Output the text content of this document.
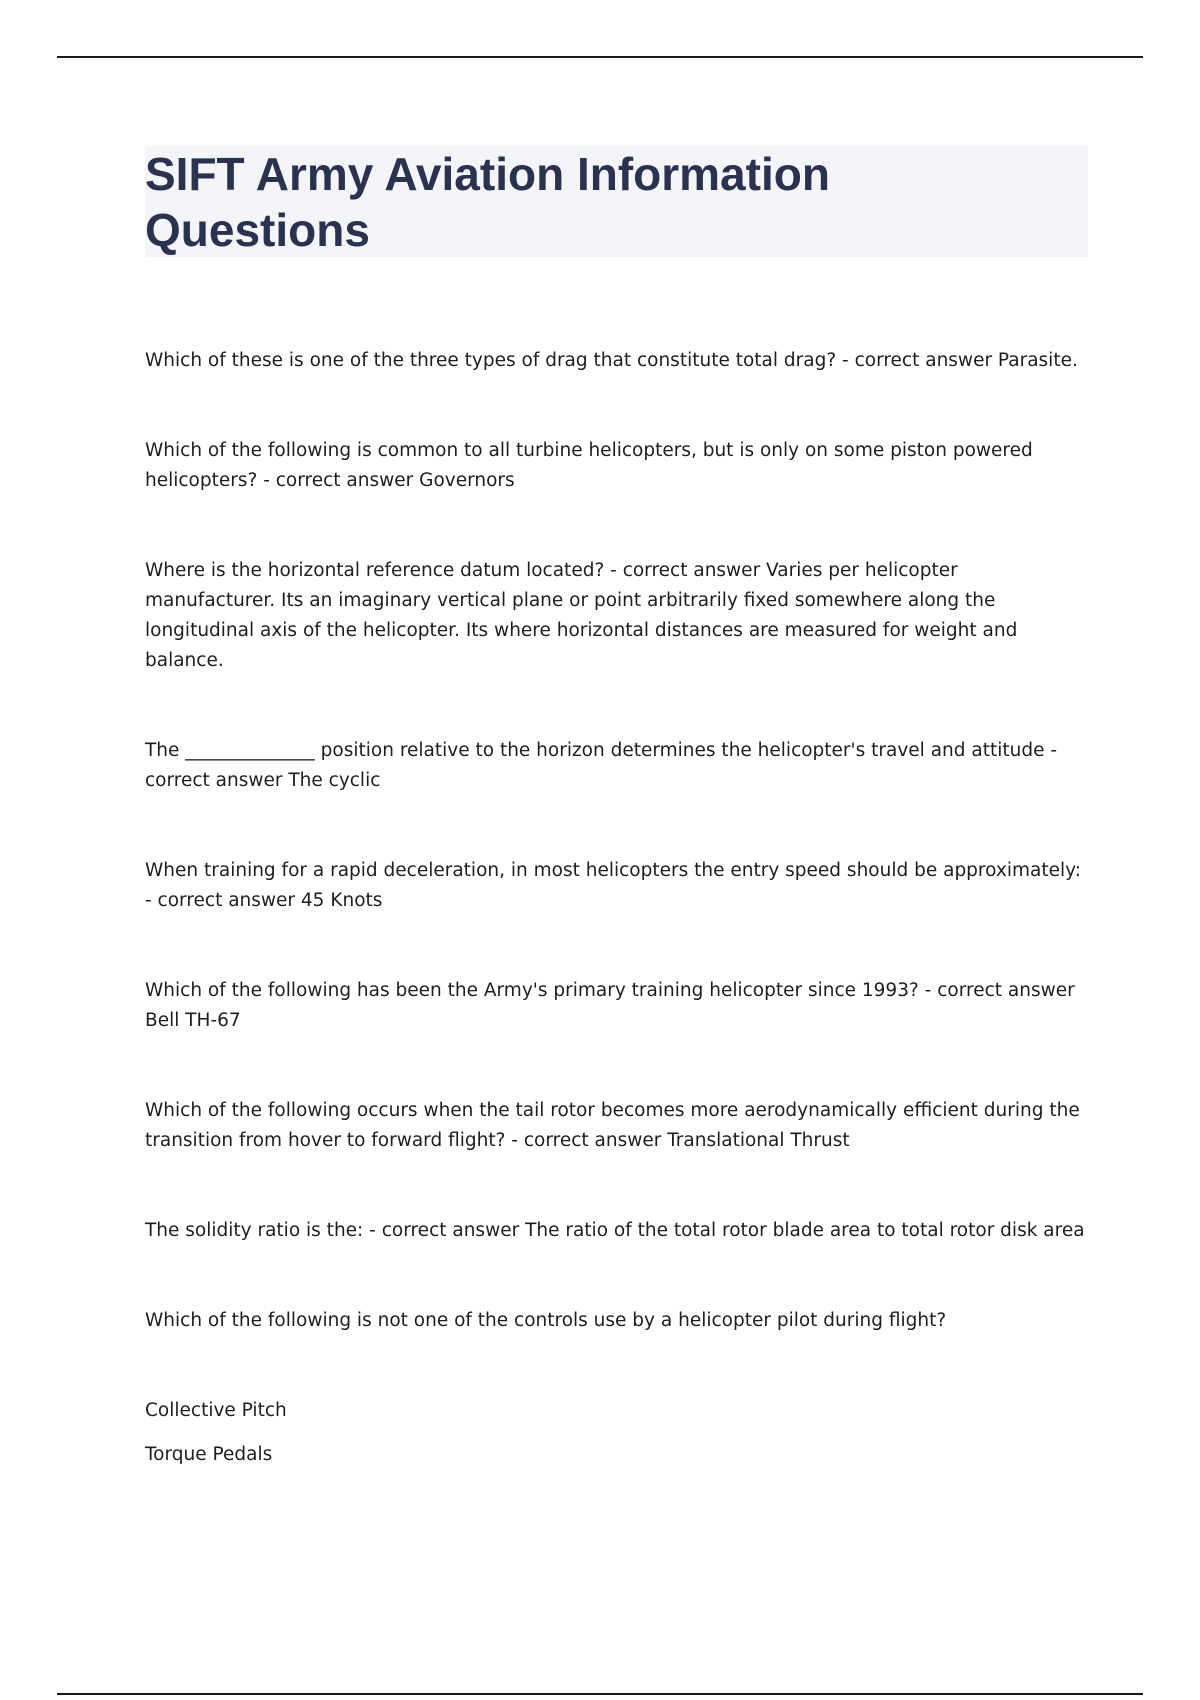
SIFT Army Aviation Information Questions

Which of these is one of the three types of drag that constitute total drag? - correct answer Parasite.

Which of the following is common to all turbine helicopters, but is only on some piston powered helicopters? - correct answer Governors

Where is the horizontal reference datum located? - correct answer Varies per helicopter manufacturer. Its an imaginary vertical plane or point arbitrarily fixed somewhere along the longitudinal axis of the helicopter. Its where horizontal distances are measured for weight and balance.

The ______________ position relative to the horizon determines the helicopter's travel and attitude - correct answer The cyclic

When training for a rapid deceleration, in most helicopters the entry speed should be approximately: - correct answer 45 Knots

Which of the following has been the Army's primary training helicopter since 1993? - correct answer Bell TH-67

Which of the following occurs when the tail rotor becomes more aerodynamically efficient during the transition from hover to forward flight? - correct answer Translational Thrust

The solidity ratio is the: - correct answer The ratio of the total rotor blade area to total rotor disk area

Which of the following is not one of the controls use by a helicopter pilot during flight?

Collective Pitch

Torque Pedals
